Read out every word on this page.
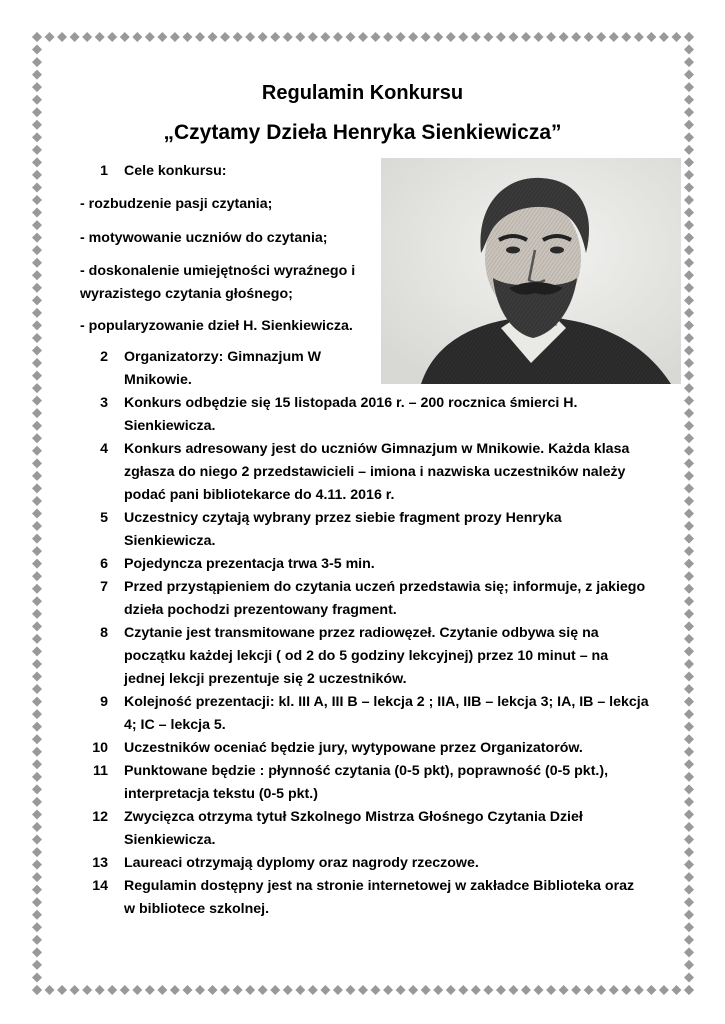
Regulamin Konkursu
„Czytamy Dzieła Henryka Sienkiewicza”
1 Cele konkursu:
- rozbudzenie pasji czytania;
- motywowanie uczniów do czytania;
- doskonalenie umiejętności wyraźnego i
wyrazistego czytania głośnego;
- popularyzowanie dzieł H. Sienkiewicza.
2 Organizatorzy: Gimnazjum W
Mnikowie.
3 Konkurs odbędzie się 15 listopada 2016 r. – 200 rocznica śmierci H.
Sienkiewicza.
4 Konkurs adresowany jest do uczniów Gimnazjum w Mnikowie. Każda klasa
zgłasza do niego 2 przedstawicieli – imiona i nazwiska uczestników należy
podać pani bibliotekarce do 4.11. 2016 r.
5 Uczestnicy czytają wybrany przez siebie fragment prozy Henryka
Sienkiewicza.
6 Pojedyncza prezentacja trwa 3-5 min.
7 Przed przystąpieniem do czytania uczeń przedstawia się; informuje, z jakiego
dzieła pochodzi prezentowany fragment.
8 Czytanie jest transmitowane przez radiowęzeł. Czytanie odbywa się na
początku każdej lekcji ( od 2 do 5 godziny lekcyjnej) przez 10 minut – na
jednej lekcji prezentuje się 2 uczestników.
9 Kolejność prezentacji: kl. III A, III B – lekcja 2 ; IIA, IIB – lekcja 3; IA, IB – lekcja
4; IC – lekcja 5.
10 Uczestników oceniać będzie jury, wytypowane przez Organizatorów.
11 Punktowane będzie : płynność czytania (0-5 pkt), poprawność (0-5 pkt.),
interpretacja tekstu (0-5 pkt.)
12 Zwycięzca otrzyma tytuł Szkolnego Mistrza Głośnego Czytania Dzieł
Sienkiewicza.
13 Laureaci otrzymają dyplomy oraz nagrody rzeczowe.
14 Regulamin dostępny jest na stronie internetowej w zakładce Biblioteka oraz
w bibliotece szkolnej.
